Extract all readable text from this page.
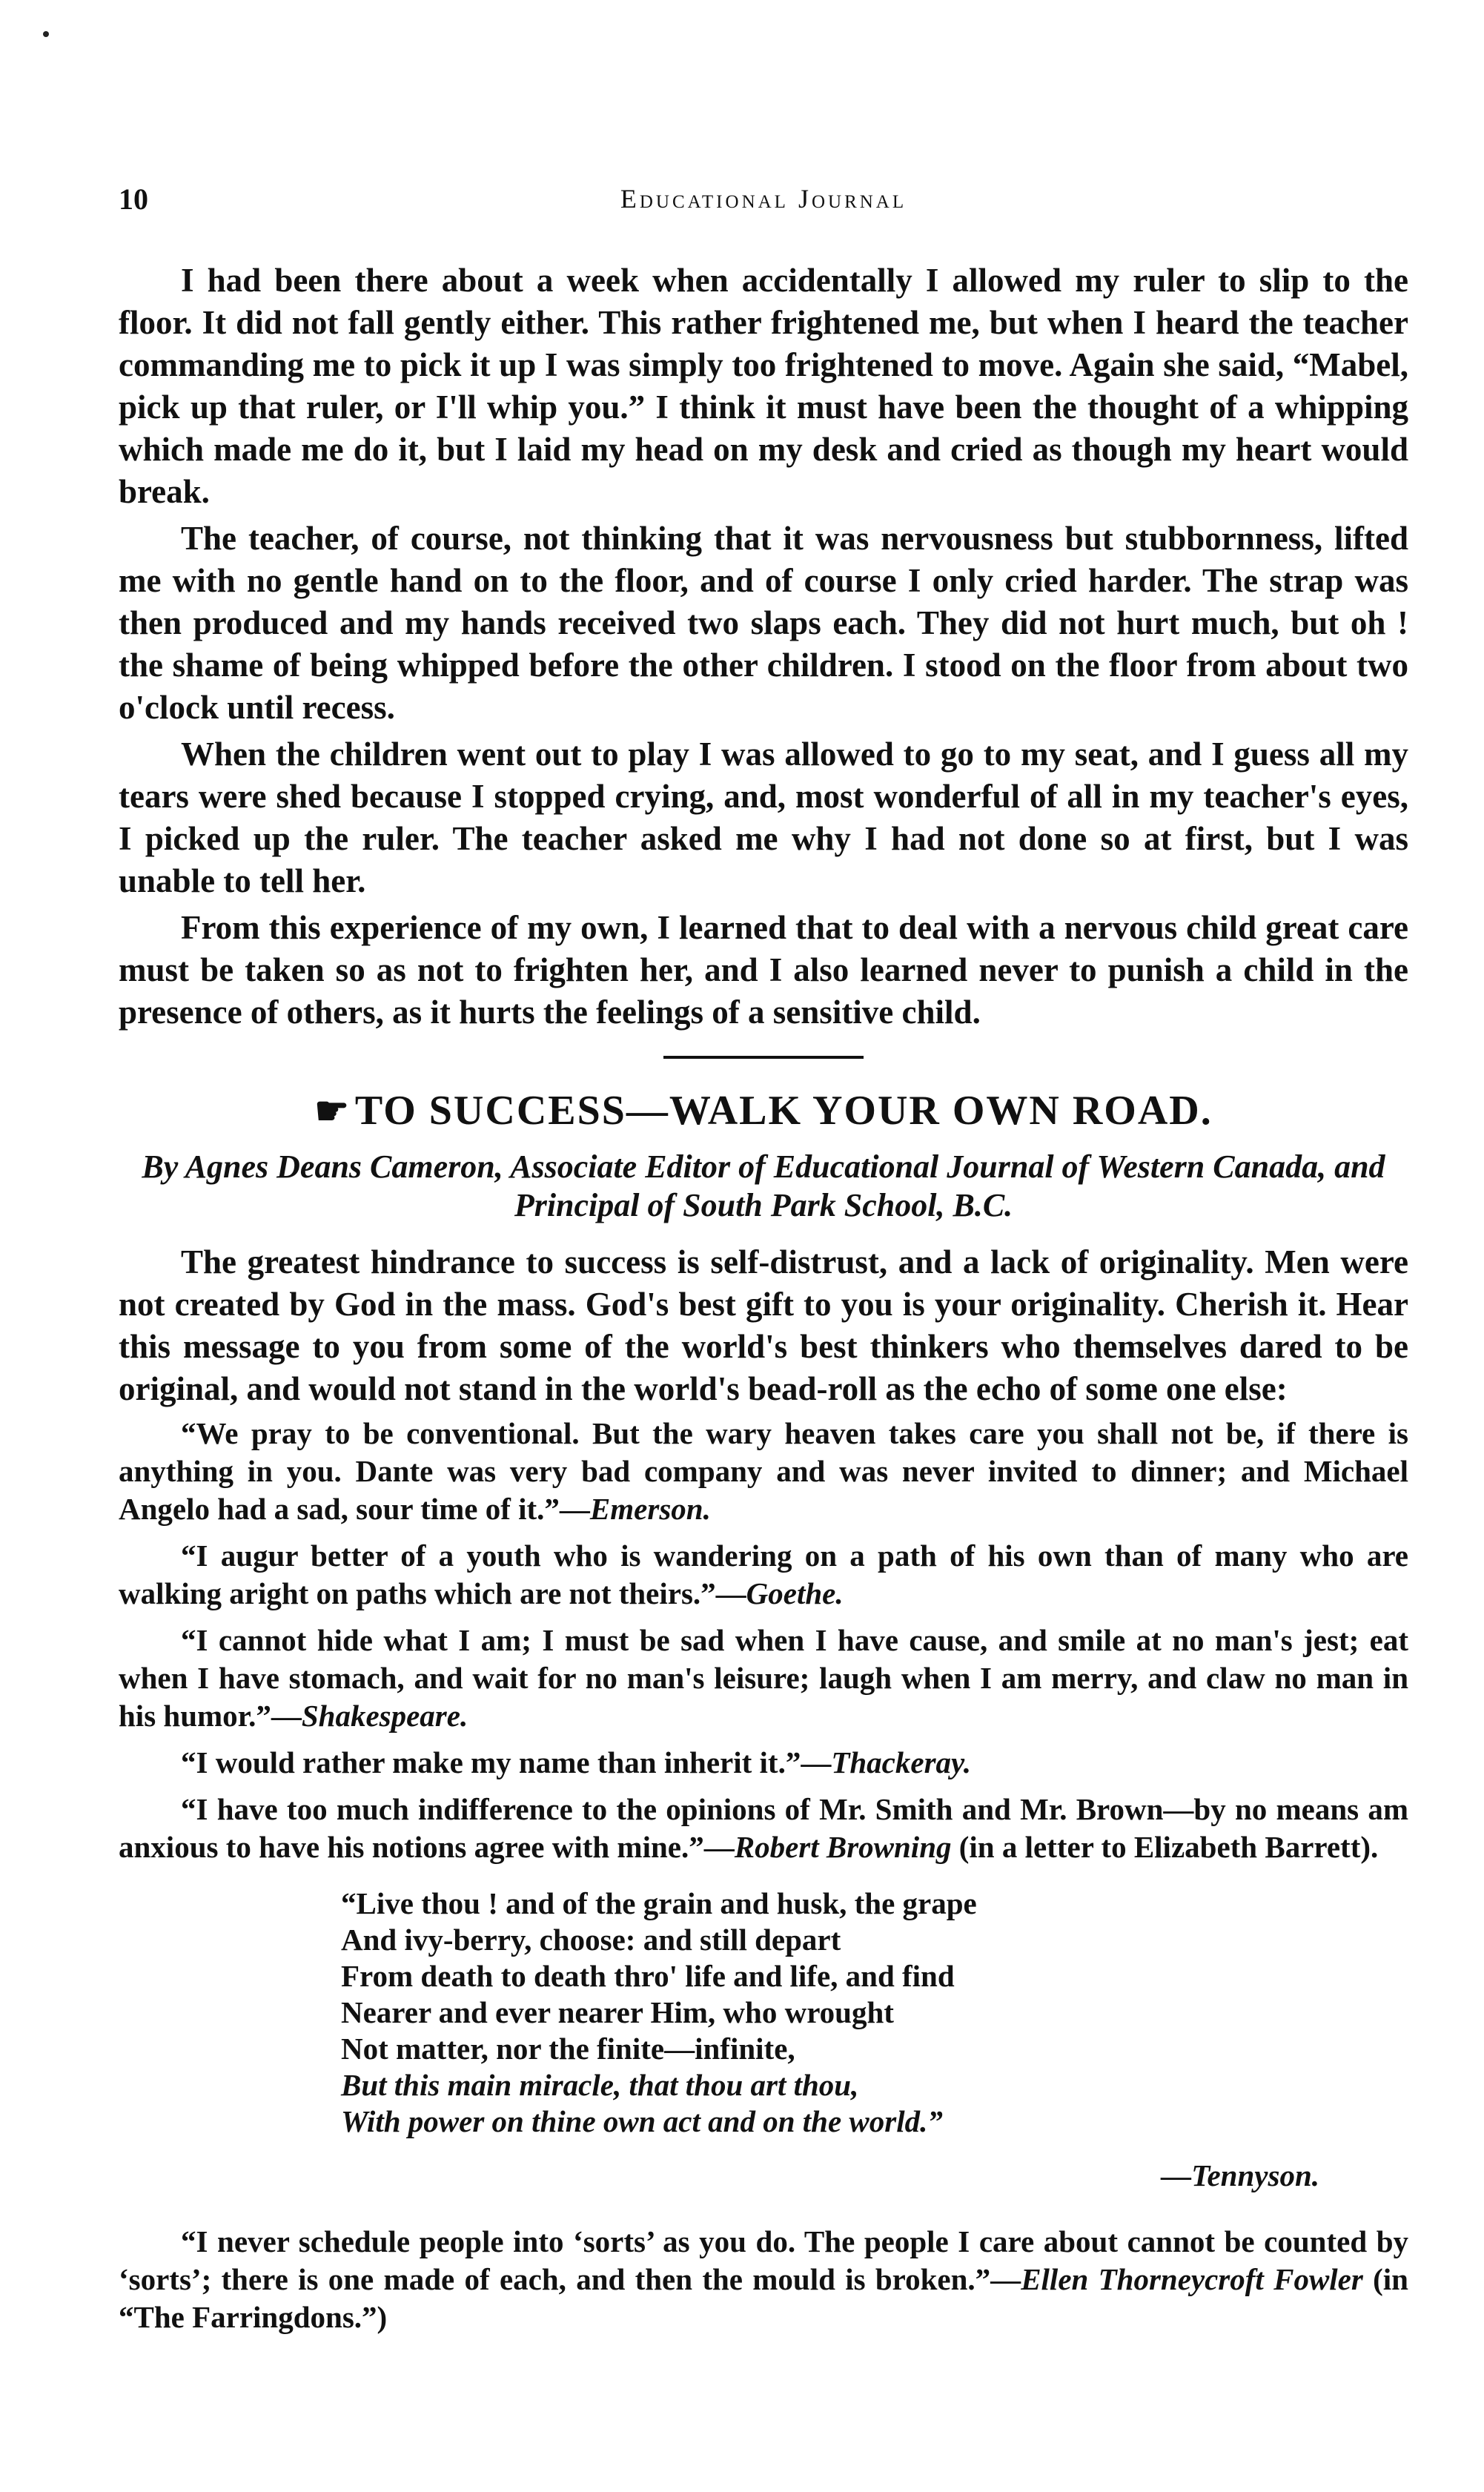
10	Educational Journal

I had been there about a week when accidentally I allowed my ruler to slip to the floor. It did not fall gently either. This rather frightened me, but when I heard the teacher commanding me to pick it up I was simply too frightened to move. Again she said, “Mabel, pick up that ruler, or I'll whip you.” I think it must have been the thought of a whipping which made me do it, but I laid my head on my desk and cried as though my heart would break.

The teacher, of course, not thinking that it was nervousness but stubbornness, lifted me with no gentle hand on to the floor, and of course I only cried harder. The strap was then produced and my hands received two slaps each. They did not hurt much, but oh ! the shame of being whipped before the other children. I stood on the floor from about two o'clock until recess.

When the children went out to play I was allowed to go to my seat, and I guess all my tears were shed because I stopped crying, and, most wonderful of all in my teacher's eyes, I picked up the ruler. The teacher asked me why I had not done so at first, but I was unable to tell her.

From this experience of my own, I learned that to deal with a nervous child great care must be taken so as not to frighten her, and I also learned never to punish a child in the presence of others, as it hurts the feelings of a sensitive child.

☛ TO SUCCESS—WALK YOUR OWN ROAD.
By Agnes Deans Cameron, Associate Editor of Educational Journal of Western Canada, and Principal of South Park School, B.C.

The greatest hindrance to success is self-distrust, and a lack of originality. Men were not created by God in the mass. God's best gift to you is your originality. Cherish it. Hear this message to you from some of the world's best thinkers who themselves dared to be original, and would not stand in the world's bead-roll as the echo of some one else:

“We pray to be conventional. But the wary heaven takes care you shall not be, if there is anything in you. Dante was very bad company and was never invited to dinner; and Michael Angelo had a sad, sour time of it.”—Emerson.

“I augur better of a youth who is wandering on a path of his own than of many who are walking aright on paths which are not theirs.”—Goethe.

“I cannot hide what I am; I must be sad when I have cause, and smile at no man's jest; eat when I have stomach, and wait for no man's leisure; laugh when I am merry, and claw no man in his humor.”—Shakespeare.

“I would rather make my name than inherit it.”—Thackeray.

“I have too much indifference to the opinions of Mr. Smith and Mr. Brown—by no means am anxious to have his notions agree with mine.”—Robert Browning (in a letter to Elizabeth Barrett).

“Live thou ! and of the grain and husk, the grape
And ivy-berry, choose: and still depart
From death to death thro' life and life, and find
Nearer and ever nearer Him, who wrought
Not matter, nor the finite—infinite,
But this main miracle, that thou art thou,
With power on thine own act and on the world.”
—Tennyson.

“I never schedule people into ‘sorts’ as you do. The people I care about cannot be counted by ‘sorts’; there is one made of each, and then the mould is broken.”—Ellen Thorneycroft Fowler (in “The Farringdons.”)
